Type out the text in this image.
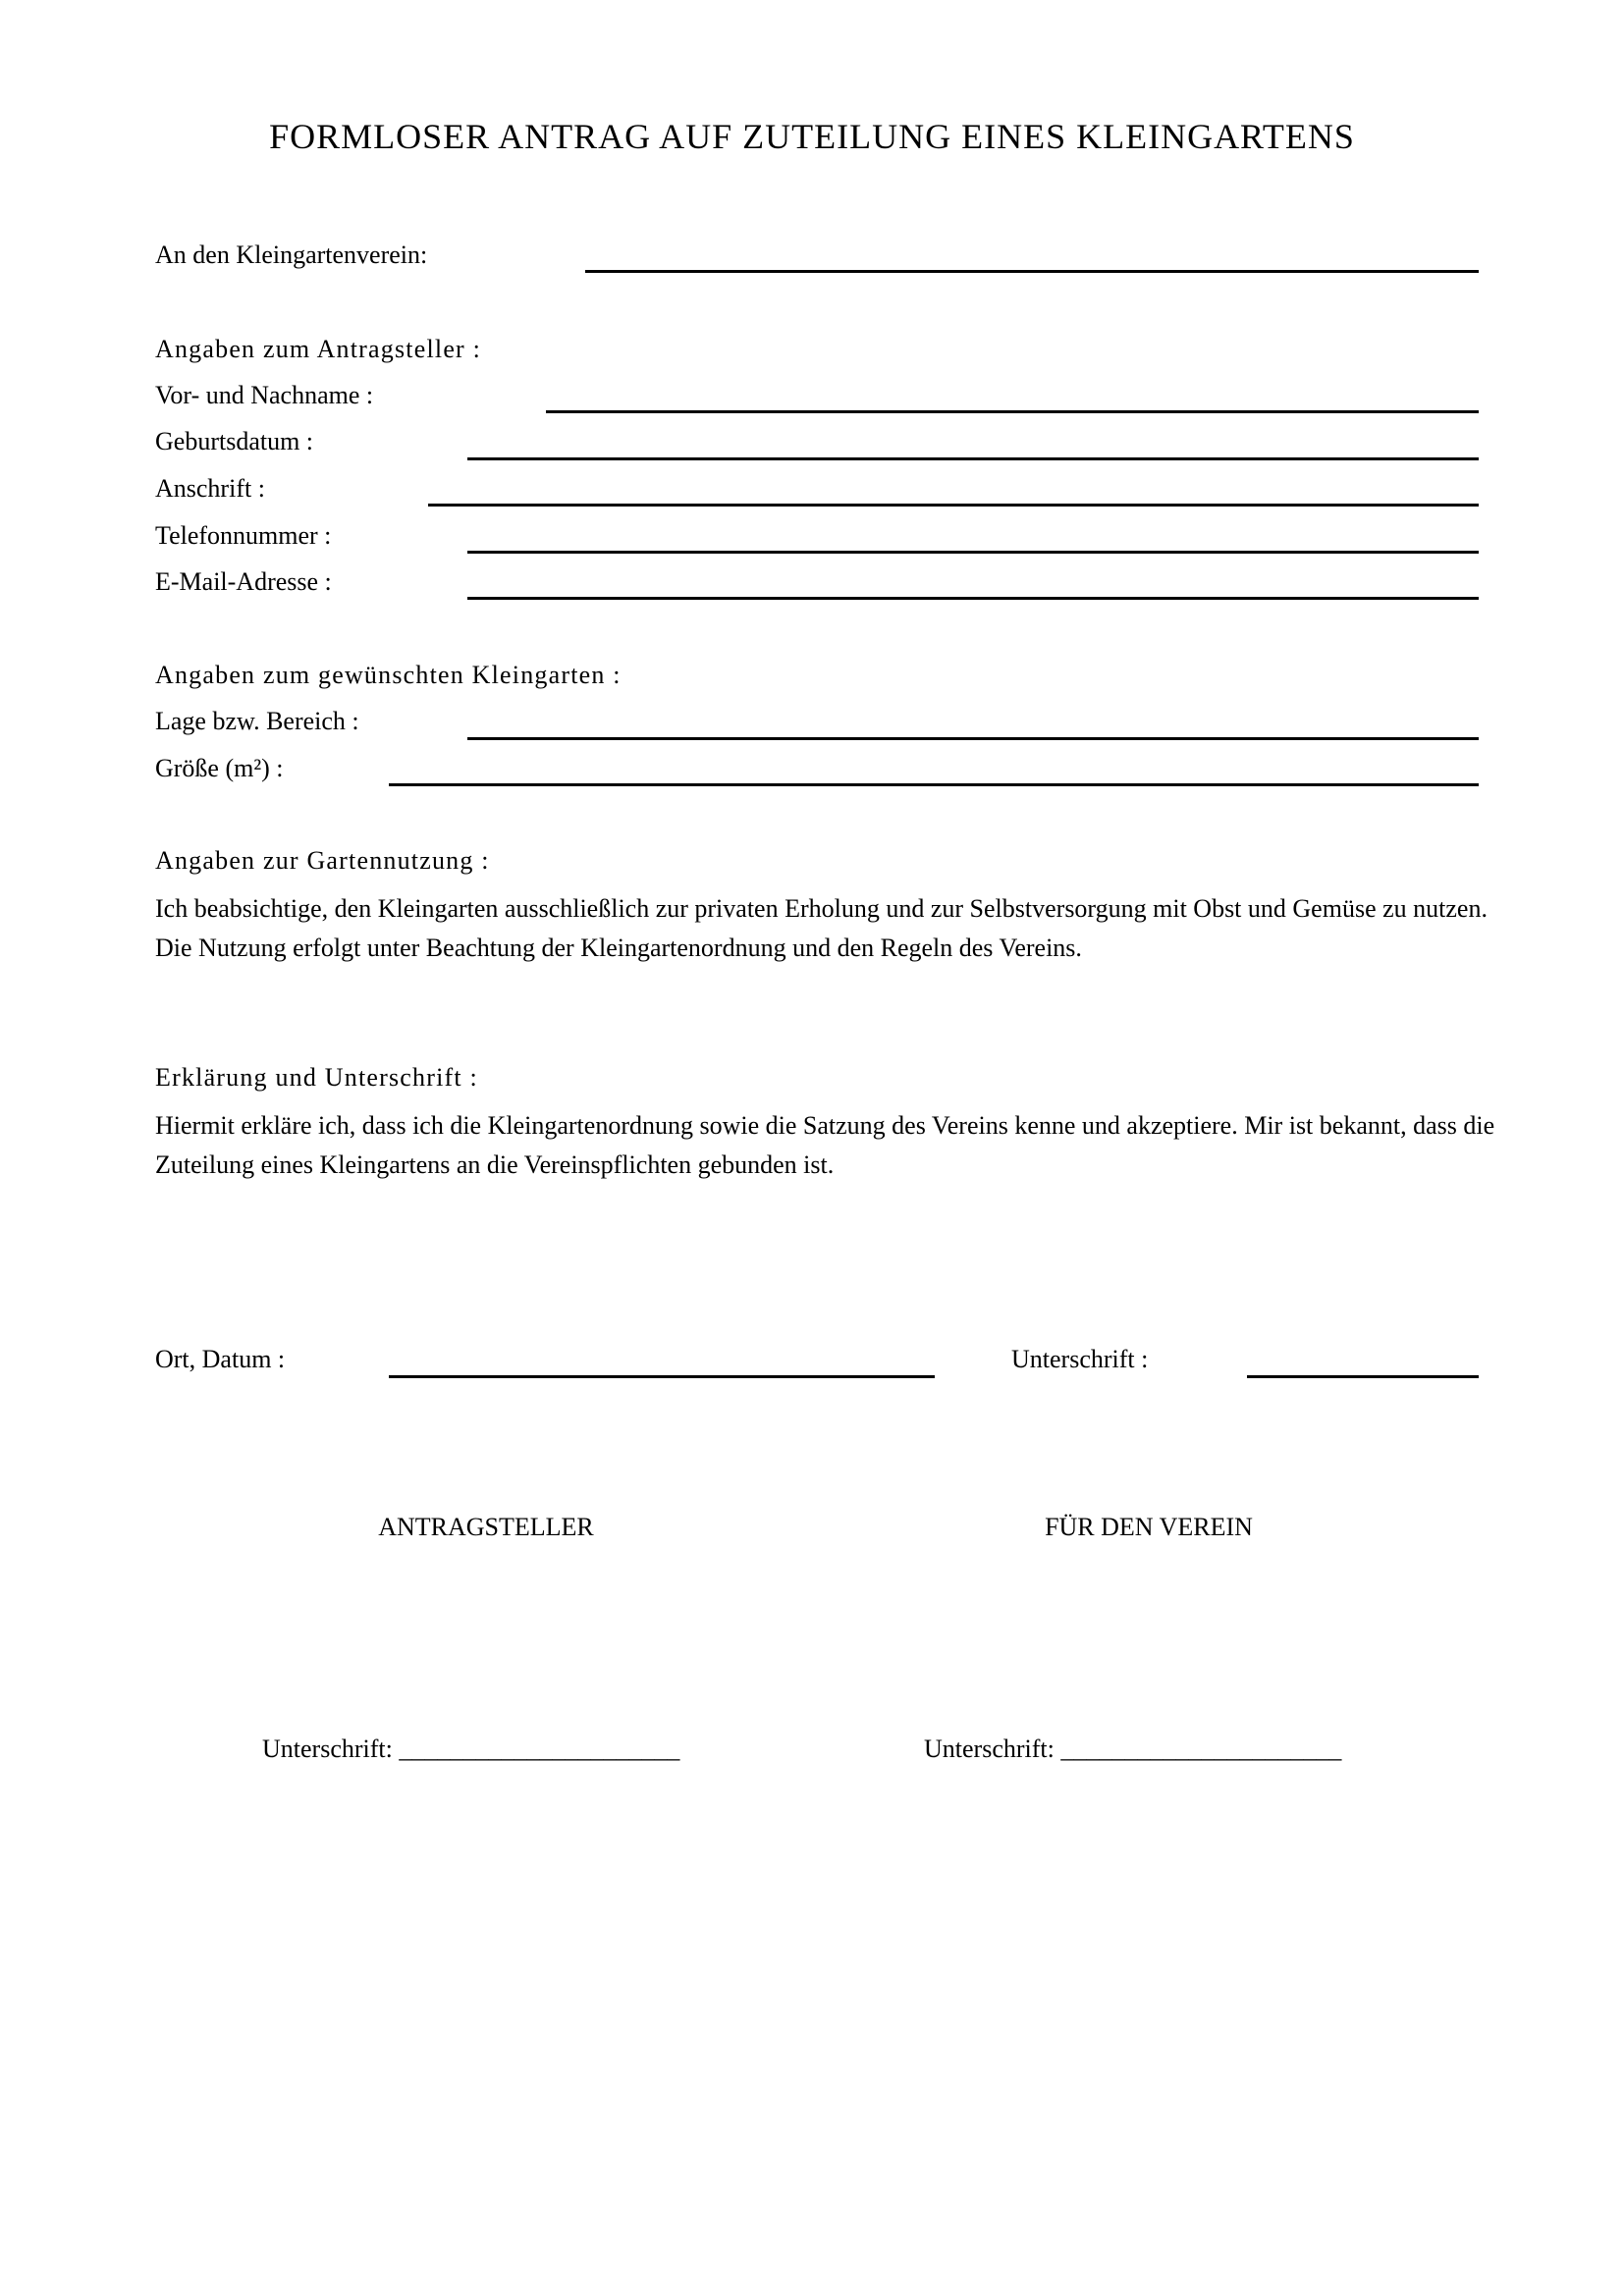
FORMLOSER ANTRAG AUF ZUTEILUNG EINES KLEINGARTENS
An den Kleingartenverein:
Angaben zum Antragsteller :
Vor- und Nachname :
Geburtsdatum :
Anschrift :
Telefonnummer :
E-Mail-Adresse :
Angaben zum gewünschten Kleingarten :
Lage bzw. Bereich :
Größe (m²) :
Angaben zur Gartennutzung :
Ich beabsichtige, den Kleingarten ausschließlich zur privaten Erholung und zur Selbstversorgung mit Obst und Gemüse zu nutzen. Die Nutzung erfolgt unter Beachtung der Kleingartenordnung und den Regeln des Vereins.
Erklärung und Unterschrift :
Hiermit erkläre ich, dass ich die Kleingartenordnung sowie die Satzung des Vereins kenne und akzeptiere. Mir ist bekannt, dass die Zuteilung eines Kleingartens an die Vereinspflichten gebunden ist.
Ort, Datum :	Unterschrift :
ANTRAGSTELLER	FÜR DEN VEREIN
Unterschrift: ______________________	Unterschrift: ______________________
